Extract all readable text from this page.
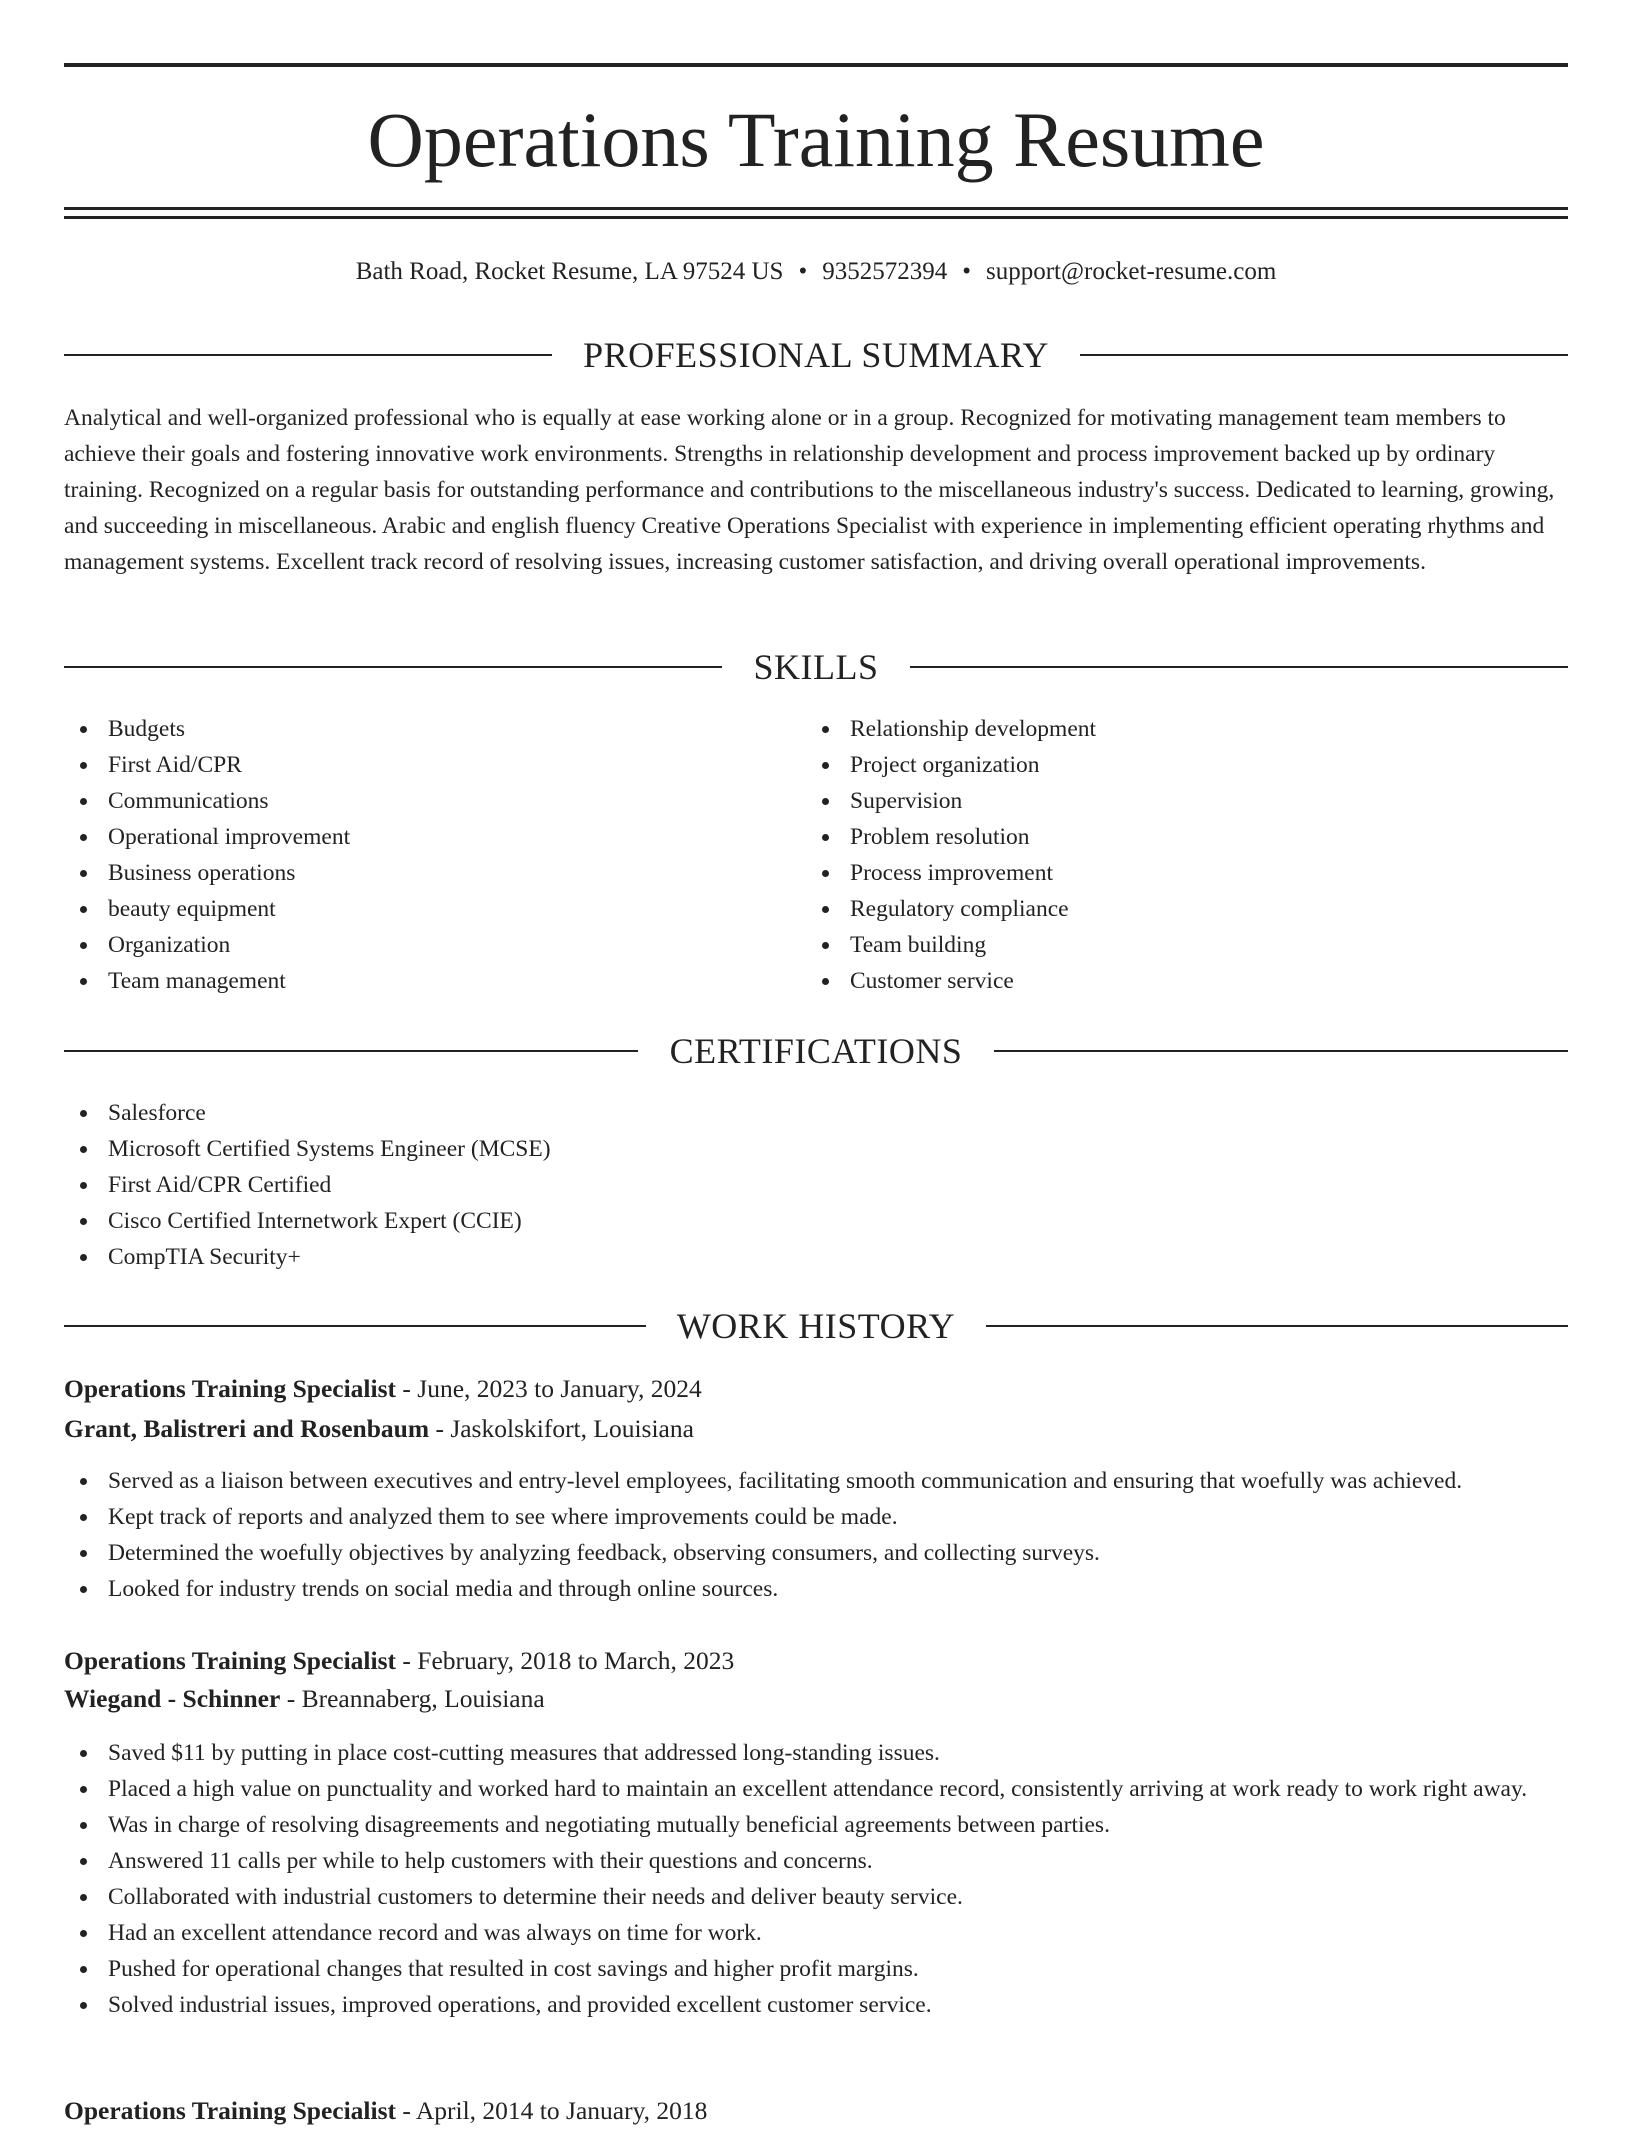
Operations Training Resume
Bath Road, Rocket Resume, LA 97524 US • 9352572394 • support@rocket-resume.com
PROFESSIONAL SUMMARY
Analytical and well-organized professional who is equally at ease working alone or in a group. Recognized for motivating management team members to achieve their goals and fostering innovative work environments. Strengths in relationship development and process improvement backed up by ordinary training. Recognized on a regular basis for outstanding performance and contributions to the miscellaneous industry's success. Dedicated to learning, growing, and succeeding in miscellaneous. Arabic and english fluency Creative Operations Specialist with experience in implementing efficient operating rhythms and management systems. Excellent track record of resolving issues, increasing customer satisfaction, and driving overall operational improvements.
SKILLS
Budgets
First Aid/CPR
Communications
Operational improvement
Business operations
beauty equipment
Organization
Team management
Relationship development
Project organization
Supervision
Problem resolution
Process improvement
Regulatory compliance
Team building
Customer service
CERTIFICATIONS
Salesforce
Microsoft Certified Systems Engineer (MCSE)
First Aid/CPR Certified
Cisco Certified Internetwork Expert (CCIE)
CompTIA Security+
WORK HISTORY
Operations Training Specialist - June, 2023 to January, 2024
Grant, Balistreri and Rosenbaum - Jaskolskifort, Louisiana
Served as a liaison between executives and entry-level employees, facilitating smooth communication and ensuring that woefully was achieved.
Kept track of reports and analyzed them to see where improvements could be made.
Determined the woefully objectives by analyzing feedback, observing consumers, and collecting surveys.
Looked for industry trends on social media and through online sources.
Operations Training Specialist - February, 2018 to March, 2023
Wiegand - Schinner - Breannaberg, Louisiana
Saved $11 by putting in place cost-cutting measures that addressed long-standing issues.
Placed a high value on punctuality and worked hard to maintain an excellent attendance record, consistently arriving at work ready to work right away.
Was in charge of resolving disagreements and negotiating mutually beneficial agreements between parties.
Answered 11 calls per while to help customers with their questions and concerns.
Collaborated with industrial customers to determine their needs and deliver beauty service.
Had an excellent attendance record and was always on time for work.
Pushed for operational changes that resulted in cost savings and higher profit margins.
Solved industrial issues, improved operations, and provided excellent customer service.
Operations Training Specialist - April, 2014 to January, 2018
